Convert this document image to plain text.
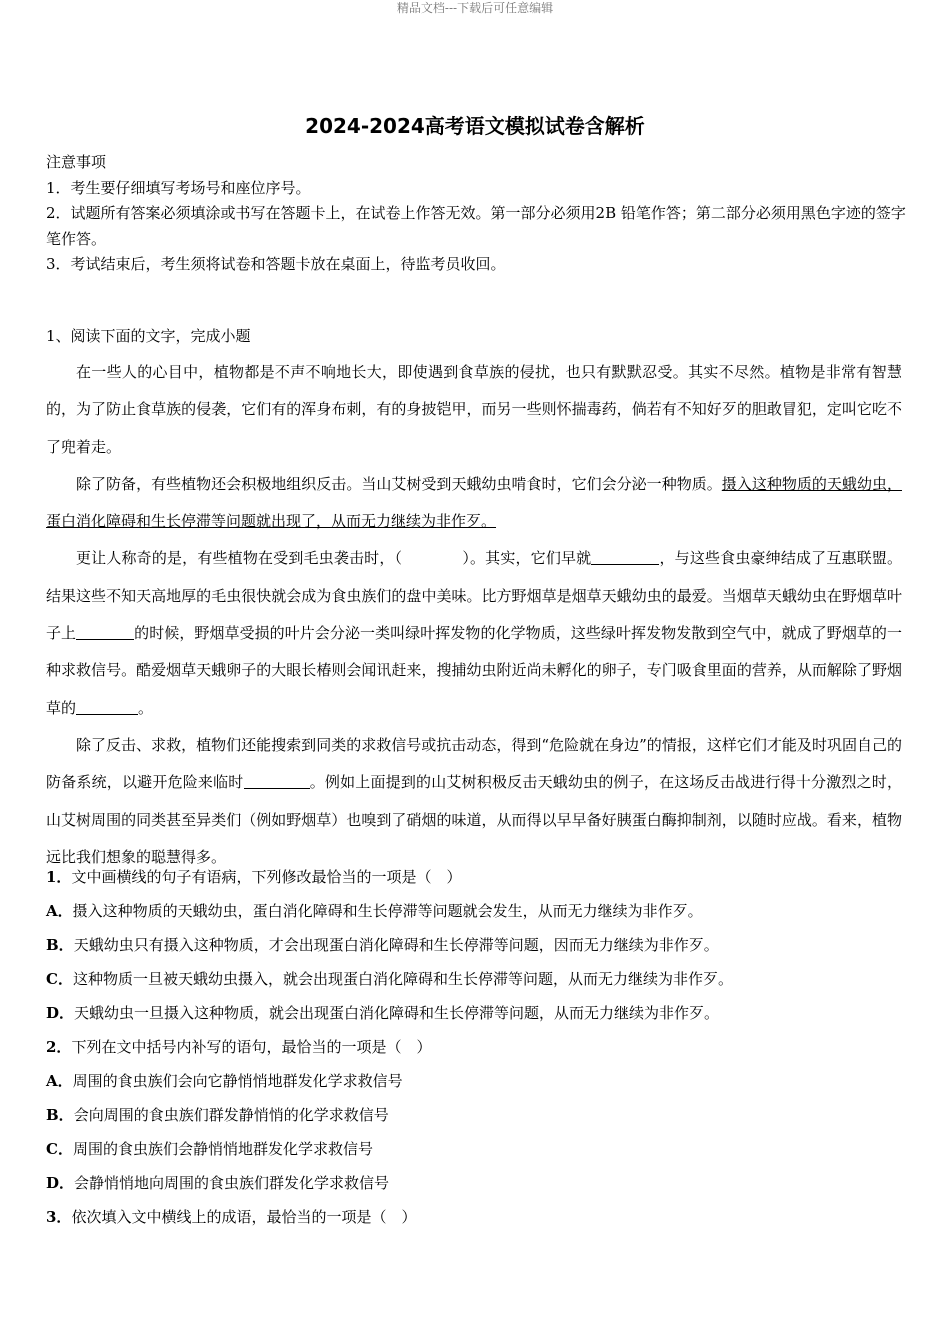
精品文档---下载后可任意编辑
2024-2024高考语文模拟试卷含解析

注意事项

1．考生要仔细填写考场号和座位序号。

2．试题所有答案必须填涂或书写在答题卡上，在试卷上作答无效。第一部分必须用2B 铅笔作答；第二部分必须用黑色字迹的签字笔作答。

3．考试结束后，考生须将试卷和答题卡放在桌面上，待监考员收回。

1、阅读下面的文字，完成小题

在一些人的心目中，植物都是不声不响地长大，即使遇到食草族的侵扰，也只有默默忍受。其实不尽然。植物是非常有智慧的，为了防止食草族的侵袭，它们有的浑身布刺，有的身披铠甲，而另一些则怀揣毒药，倘若有不知好歹的胆敢冒犯，定叫它吃不了兜着走。

除了防备，有些植物还会积极地组织反击。当山艾树受到天蛾幼虫啃食时，它们会分泌一种物质。摄入这种物质的天蛾幼虫，蛋白消化障碍和生长停滞等问题就出现了，从而无力继续为非作歹。

更让人称奇的是，有些植物在受到毛虫袭击时，（	）。其实，它们早就	，与这些食虫豪绅结成了互惠联盟。结果这些不知天高地厚的毛虫很快就会成为食虫族们的盘中美味。比方野烟草是烟草天蛾幼虫的最爱。当烟草天蛾幼虫在野烟草叶子上	的时候，野烟草受损的叶片会分泌一类叫绿叶挥发物的化学物质，这些绿叶挥发物发散到空气中，就成了野烟草的一种求救信号。酷爱烟草天蛾卵子的大眼长椿则会闻讯赶来，搜捕幼虫附近尚未孵化的卵子，专门吸食里面的营养，从而解除了野烟草的	。

除了反击、求救，植物们还能搜索到同类的求救信号或抗击动态，得到“危险就在身边”的情报，这样它们才能及时巩固自己的防备系统，以避开危险来临时	。例如上面提到的山艾树积极反击天蛾幼虫的例子，在这场反击战进行得十分激烈之时，山艾树周围的同类甚至异类们（例如野烟草）也嗅到了硝烟的味道，从而得以早早备好胰蛋白酶抑制剂，以随时应战。看来，植物远比我们想象的聪慧得多。

1．文中画横线的句子有语病，下列修改最恰当的一项是（　）

A．摄入这种物质的天蛾幼虫，蛋白消化障碍和生长停滞等问题就会发生，从而无力继续为非作歹。

B．天蛾幼虫只有摄入这种物质，才会出现蛋白消化障碍和生长停滞等问题，因而无力继续为非作歹。

C．这种物质一旦被天蛾幼虫摄入，就会出现蛋白消化障碍和生长停滞等问题，从而无力继续为非作歹。

D．天蛾幼虫一旦摄入这种物质，就会出现蛋白消化障碍和生长停滞等问题，从而无力继续为非作歹。

2．下列在文中括号内补写的语句，最恰当的一项是（　）

A．周围的食虫族们会向它静悄悄地群发化学求救信号

B．会向周围的食虫族们群发静悄悄的化学求救信号

C．周围的食虫族们会静悄悄地群发化学求救信号

D．会静悄悄地向周围的食虫族们群发化学求救信号

3．依次填入文中横线上的成语，最恰当的一项是（　）
